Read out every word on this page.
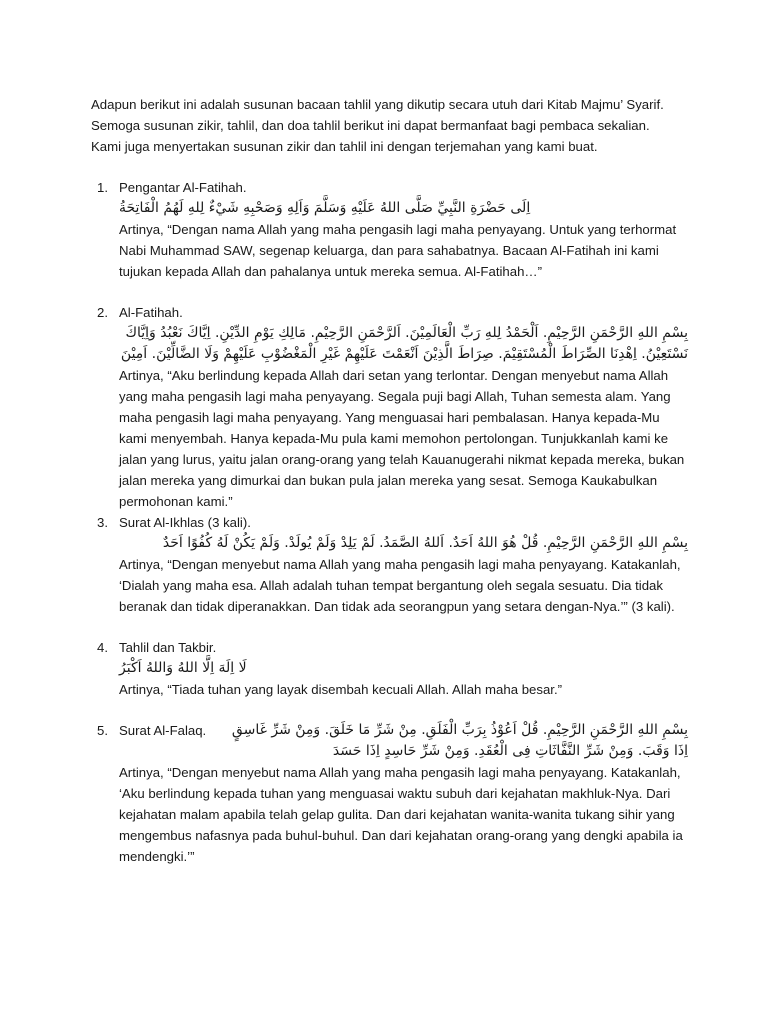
Adapun berikut ini adalah susunan bacaan tahlil yang dikutip secara utuh dari Kitab Majmu’ Syarif.

Semoga susunan zikir, tahlil, dan doa tahlil berikut ini dapat bermanfaat bagi pembaca sekalian.

Kami juga menyertakan susunan zikir dan tahlil ini dengan terjemahan yang kami buat.

1. Pengantar Al-Fatihah.
اِلَى حَضْرَةِ النَّبِيِّ صَلَّى اللهُ عَلَيْهِ وَسَلَّمَ وَاَلِهِ وَصَحْبِهِ شَيْءٌ لِلهِ لَهُمُ الْفَاتِحَةُ

Artinya, “Dengan nama Allah yang maha pengasih lagi maha penyayang. Untuk yang terhormat Nabi Muhammad SAW, segenap keluarga, dan para sahabatnya. Bacaan Al-Fatihah ini kami tujukan kepada Allah dan pahalanya untuk mereka semua. Al-Fatihah…”

2. Al-Fatihah.
بِسْمِ اللهِ الرَّحْمَنِ الرَّحِيْمِ. اَلْحَمْدُ لِلهِ رَبِّ الْعَالَمِيْنَ. اَلرَّحْمَنِ الرَّحِيْمِ. مَالِكِ يَوْمِ الدِّيْنِ. اِيَّاكَ نَعْبُدُ وَاِيَّاكَ نَسْتَعِيْنُ. اِهْدِنَا الصِّرَاطَ الْمُسْتَقِيْمَ. صِرَاطَ الَّذِيْنَ اَنْعَمْتَ عَلَيْهِمْ غَيْرِ الْمَغْضُوْبِ عَلَيْهِمْ وَلَا الضَّالِّيْنَ. اَمِيْنَ

Artinya, “Aku berlindung kepada Allah dari setan yang terlontar. Dengan menyebut nama Allah yang maha pengasih lagi maha penyayang. Segala puji bagi Allah, Tuhan semesta alam. Yang maha pengasih lagi maha penyayang. Yang menguasai hari pembalasan. Hanya kepada-Mu kami menyembah. Hanya kepada-Mu pula kami memohon pertolongan. Tunjukkanlah kami ke jalan yang lurus, yaitu jalan orang-orang yang telah Kauanugerahi nikmat kepada mereka, bukan jalan mereka yang dimurkai dan bukan pula jalan mereka yang sesat. Semoga Kaukabulkan permohonan kami.”

3. Surat Al-Ikhlas (3 kali).
بِسْمِ اللهِ الرَّحْمَنِ الرَّحِيْمِ. قُلْ هُوَ اللهُ اَحَدٌ. اَللهُ الصَّمَدُ. لَمْ يَلِدْ وَلَمْ يُولَدْ. وَلَمْ يَكُنْ لَهُ كُفُوًا اَحَدٌ

Artinya, “Dengan menyebut nama Allah yang maha pengasih lagi maha penyayang. Katakanlah, ‘Dialah yang maha esa. Allah adalah tuhan tempat bergantung oleh segala sesuatu. Dia tidak beranak dan tidak diperanakkan. Dan tidak ada seorangpun yang setara dengan-Nya.’” (3 kali).

4. Tahlil dan Takbir.
لَا اِلَهَ اِلَّا اللهُ وَاللهُ اَكْبَرُ

Artinya, “Tiada tuhan yang layak disembah kecuali Allah. Allah maha besar.”

5. Surat Al-Falaq.	بِسْمِ اللهِ الرَّحْمَنِ الرَّحِيْمِ. قُلْ اَعُوْذُ بِرَبِّ الْفَلَقِ. مِنْ شَرِّ مَا خَلَقَ. وَمِنْ شَرِّ غَاسِقٍ اِذَا وَقَبَ. وَمِنْ شَرِّ النَّفَّاثَاتِ فِى الْعُقَدِ. وَمِنْ شَرِّ حَاسِدٍ اِذَا حَسَدَ

Artinya, “Dengan menyebut nama Allah yang maha pengasih lagi maha penyayang. Katakanlah, ‘Aku berlindung kepada tuhan yang menguasai waktu subuh dari kejahatan makhluk-Nya. Dari kejahatan malam apabila telah gelap gulita. Dan dari kejahatan wanita-wanita tukang sihir yang mengembus nafasnya pada buhul-buhul. Dan dari kejahatan orang-orang yang dengki apabila ia mendengki.’”
